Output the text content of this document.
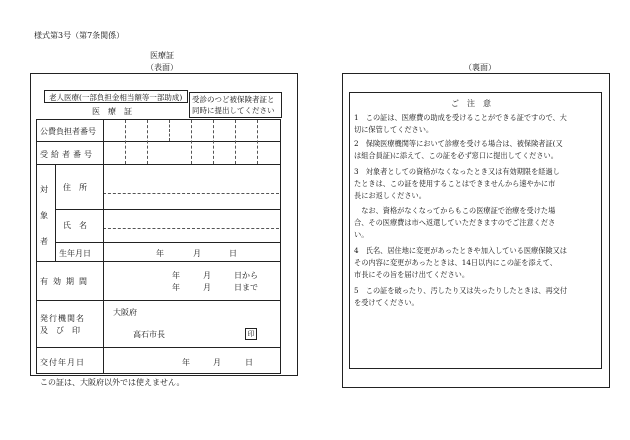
様式第3号（第7条関係）
医療証
（表面）	（裏面）
老人医療(一部負担金相当額等一部助成)
医　療　証
受診のつど被保険者証と
同時に提出してください
公費負担者番号
受給者番号
対
象
者
住　所
氏　名
生年月日	年	月	日
有効期間
年	月	日から
年	月	日まで
発行機関名
及　び　印
大阪府
高石市長	印
交付年月日	年	月	日
この証は、大阪府以外では使えません。
ご　注　意
1　この証は、医療費の助成を受けることができる証ですので、大
切に保管してください。
2　保険医療機関等において診療を受ける場合は、被保険者証(又
は組合員証)に添えて、この証を必ず窓口に提出してください。
3　対象者としての資格がなくなったとき又は有効期限を経過し
たときは、この証を使用することはできませんから速やかに市
長にお返しください。
　なお、資格がなくなってからもこの医療証で治療を受けた場
合、その医療費は市へ返還していただきますのでご注意くださ
い。
4　氏名、居住地に変更があったときや加入している医療保険又は
その内容に変更があったときは、14日以内にこの証を添えて、
市長にその旨を届け出てください。
5　この証を破ったり、汚したり又は失ったりしたときは、再交付
を受けてください。
